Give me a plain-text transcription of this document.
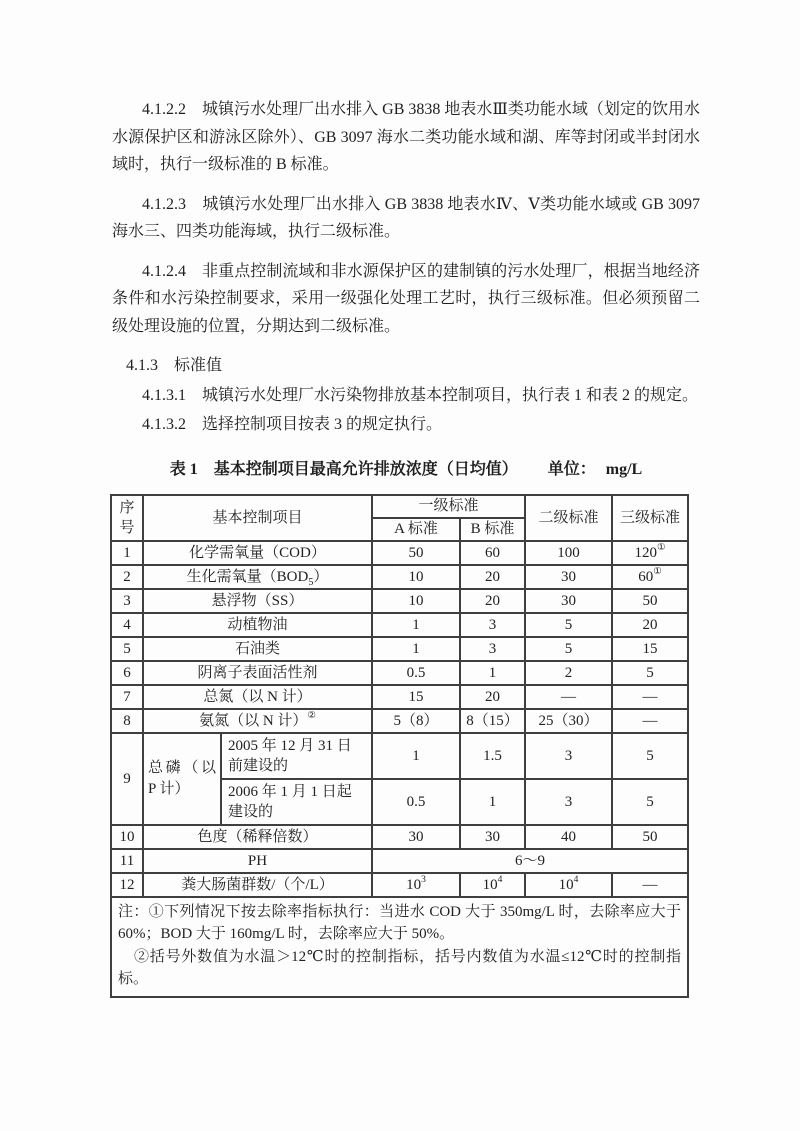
4.1.2.2　城镇污水处理厂出水排入 GB 3838 地表水Ⅲ类功能水域（划定的饮用水水源保护区和游泳区除外）、GB 3097 海水二类功能水域和湖、库等封闭或半封闭水域时，执行一级标准的 B 标准。

4.1.2.3　城镇污水处理厂出水排入 GB 3838 地表水Ⅳ、Ⅴ类功能水域或 GB 3097 海水三、四类功能海域，执行二级标准。

4.1.2.4　非重点控制流域和非水源保护区的建制镇的污水处理厂，根据当地经济条件和水污染控制要求，采用一级强化处理工艺时，执行三级标准。但必须预留二级处理设施的位置，分期达到二级标准。

4.1.3　标准值

4.1.3.1　城镇污水处理厂水污染物排放基本控制项目，执行表 1 和表 2 的规定。

4.1.3.2　选择控制项目按表 3 的规定执行。

表 1　基本控制项目最高允许排放浓度（日均值） 单位： mg/L
序号	基本控制项目		一级标准		二级标准	三级标准
			A 标准	B 标准		
1	化学需氧量（COD）		50	60	100	120①
2	生化需氧量$(BOD_5)$		10	20	30	60①
3	悬浮物（SS）		10	20	30	50
4	动植物油		1	3	5	20
5	石油类		1	3	5	15
6	阴离子表面活性剂		0.5	1	2	5
7	总氮（以 N 计）		15	20	—	—
8	氨氮（以 N 计）②		5（8）	8（15）	25（30）	—
9	总磷（以 P 计）	2005 年 12 月 31 日前建设的	1	1.5	3	5
		2006 年 1 月 1 日起建设的	0.5	1	3	5
10	色度（稀释倍数）		30	30	40	50
11	PH		6～9			
12	粪大肠菌群数/（个/L）		$10^3$	$10^4$	$10^4$	—

注：①下列情况下按去除率指标执行：当进水 COD 大于 350mg/L 时，去除率应大于 60%；BOD 大于 160mg/L 时，去除率应大于 50%。

②括号外数值为水温＞12℃时的控制指标，括号内数值为水温≤12℃时的控制指标。						
